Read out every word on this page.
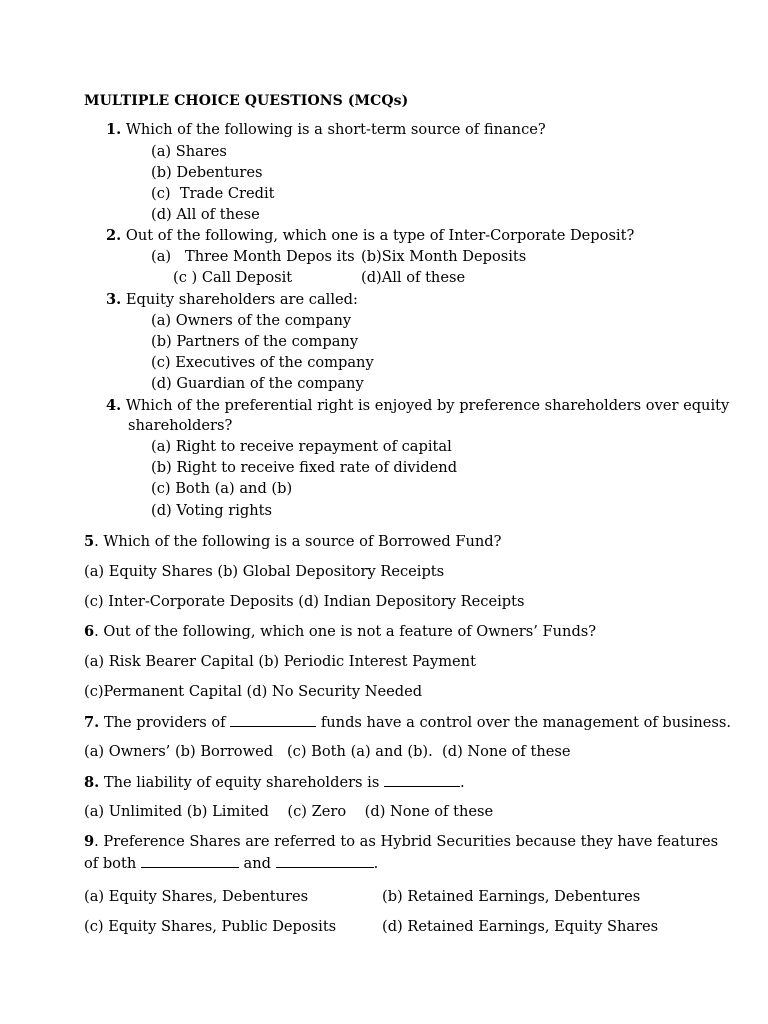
MULTIPLE CHOICE QUESTIONS (MCQs)
1. Which of the following is a short-term source of finance?
(a) Shares
(b) Debentures
(c)  Trade Credit
(d) All of these
2. Out of the following, which one is a type of Inter-Corporate Deposit?
(a)   Three Month Depos its (b)Six Month Deposits
(c ) Call Deposit	(d)All of these
3. Equity shareholders are called:
(a) Owners of the company
(b) Partners of the company
(c) Executives of the company
(d) Guardian of the company
4. Which of the preferential right is enjoyed by preference shareholders over equity
shareholders?
(a) Right to receive repayment of capital
(b) Right to receive fixed rate of dividend
(c) Both (a) and (b)
(d) Voting rights
5. Which of the following is a source of Borrowed Fund?
(a) Equity Shares (b) Global Depository Receipts
(c) Inter-Corporate Deposits (d) Indian Depository Receipts
6. Out of the following, which one is not a feature of Owners’ Funds?
(a) Risk Bearer Capital (b) Periodic Interest Payment
(c)Permanent Capital (d) No Security Needed
7. The providers of	funds have a control over the management of business.
(a) Owners’ (b) Borrowed   (c) Both (a) and (b).  (d) None of these
8. The liability of equity shareholders is	.
(a) Unlimited (b) Limited    (c) Zero    (d) None of these
9. Preference Shares are referred to as Hybrid Securities because they have features
of both	and	.
(a) Equity Shares, Debentures	(b) Retained Earnings, Debentures
(c) Equity Shares, Public Deposits	(d) Retained Earnings, Equity Shares
